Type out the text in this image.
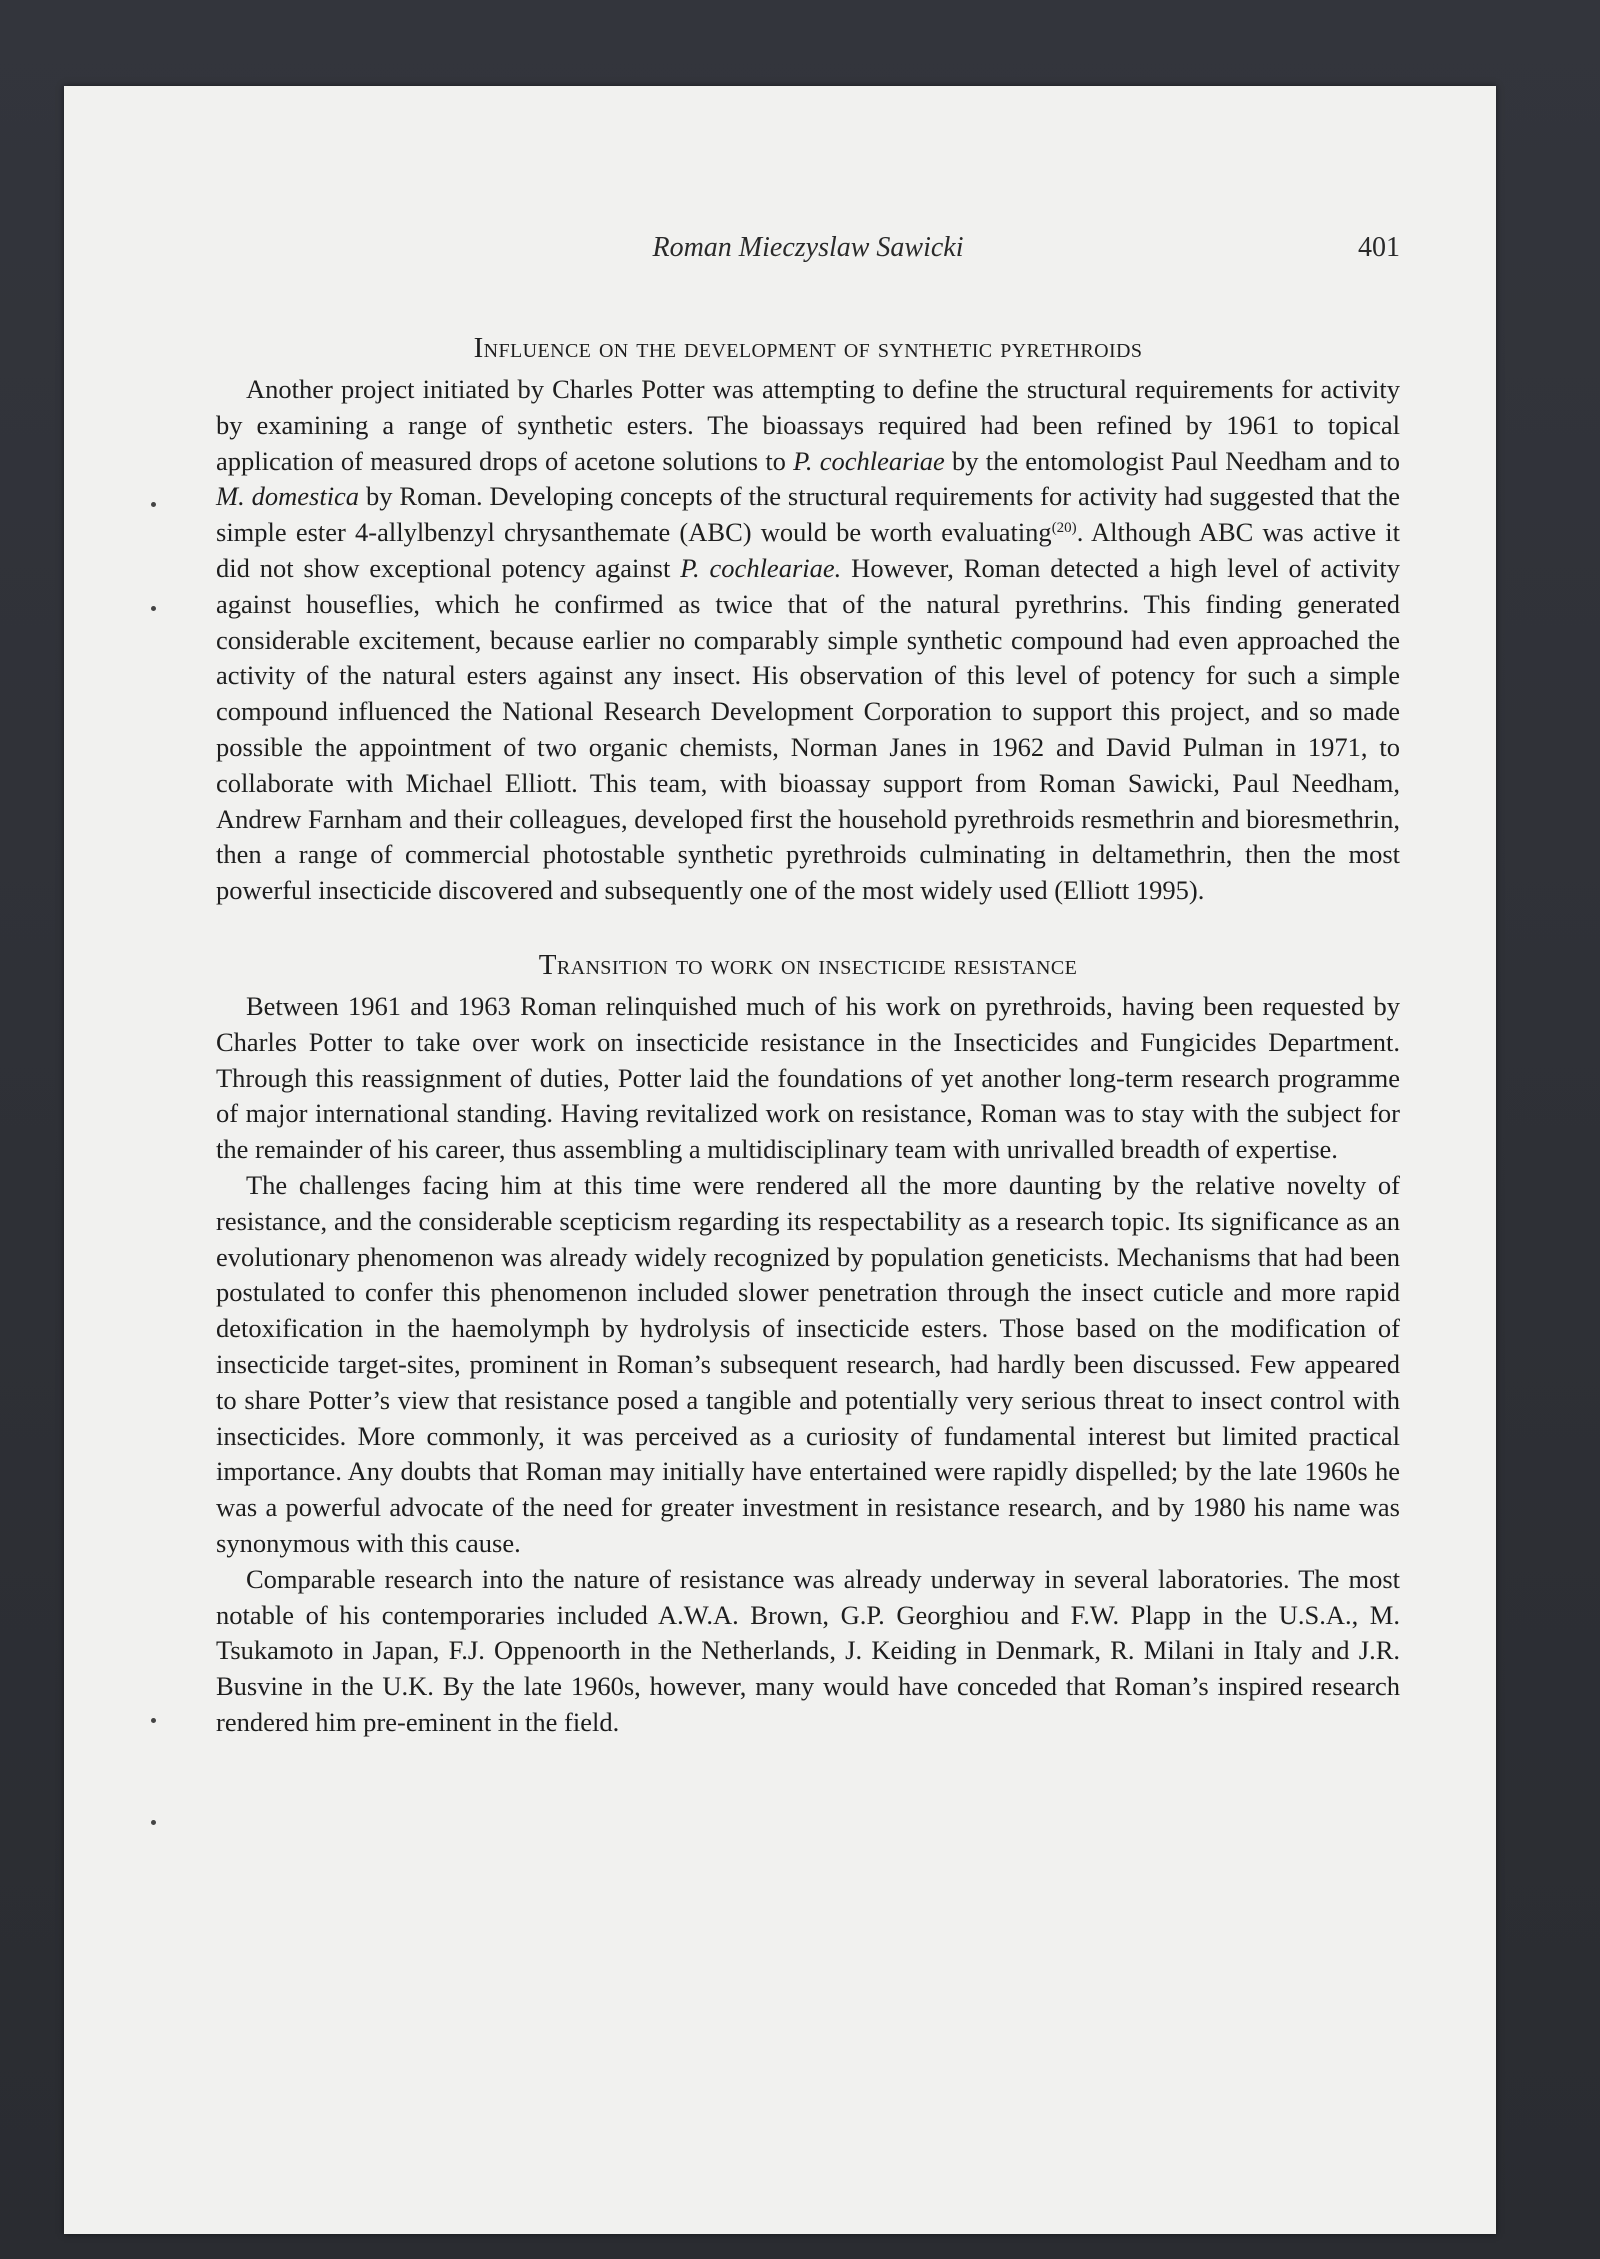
Roman Mieczyslaw Sawicki	401
Influence on the development of synthetic pyrethroids

Another project initiated by Charles Potter was attempting to define the structural requirements for activity by examining a range of synthetic esters. The bioassays required had been refined by 1961 to topical application of measured drops of acetone solutions to P. cochleariae by the entomologist Paul Needham and to M. domestica by Roman. Developing concepts of the structural requirements for activity had suggested that the simple ester 4-allylbenzyl chrysanthemate (ABC) would be worth evaluating$^{(20)}$. Although ABC was active it did not show exceptional potency against P. cochleariae. However, Roman detected a high level of activity against houseflies, which he confirmed as twice that of the natural pyrethrins. This finding generated considerable excitement, because earlier no comparably simple synthetic compound had even approached the activity of the natural esters against any insect. His observation of this level of potency for such a simple compound influenced the National Research Development Corporation to support this project, and so made possible the appointment of two organic chemists, Norman Janes in 1962 and David Pulman in 1971, to collaborate with Michael Elliott. This team, with bioassay support from Roman Sawicki, Paul Needham, Andrew Farnham and their colleagues, developed first the household pyrethroids resmethrin and bioresmethrin, then a range of commercial photostable synthetic pyrethroids culminating in deltamethrin, then the most powerful insecticide discovered and subsequently one of the most widely used (Elliott 1995).

Transition to work on insecticide resistance

Between 1961 and 1963 Roman relinquished much of his work on pyrethroids, having been requested by Charles Potter to take over work on insecticide resistance in the Insecticides and Fungicides Department. Through this reassignment of duties, Potter laid the foundations of yet another long-term research programme of major international standing. Having revitalized work on resistance, Roman was to stay with the subject for the remainder of his career, thus assembling a multidisciplinary team with unrivalled breadth of expertise.

The challenges facing him at this time were rendered all the more daunting by the relative novelty of resistance, and the considerable scepticism regarding its respectability as a research topic. Its significance as an evolutionary phenomenon was already widely recognized by population geneticists. Mechanisms that had been postulated to confer this phenomenon included slower penetration through the insect cuticle and more rapid detoxification in the haemolymph by hydrolysis of insecticide esters. Those based on the modification of insecticide target-sites, prominent in Roman’s subsequent research, had hardly been discussed. Few appeared to share Potter’s view that resistance posed a tangible and potentially very serious threat to insect control with insecticides. More commonly, it was perceived as a curiosity of fundamental interest but limited practical importance. Any doubts that Roman may initially have entertained were rapidly dispelled; by the late 1960s he was a powerful advocate of the need for greater investment in resistance research, and by 1980 his name was synonymous with this cause.

Comparable research into the nature of resistance was already underway in several laboratories. The most notable of his contemporaries included A.W.A. Brown, G.P. Georghiou and F.W. Plapp in the U.S.A., M. Tsukamoto in Japan, F.J. Oppenoorth in the Netherlands, J. Keiding in Denmark, R. Milani in Italy and J.R. Busvine in the U.K. By the late 1960s, however, many would have conceded that Roman’s inspired research rendered him pre-eminent in the field.
